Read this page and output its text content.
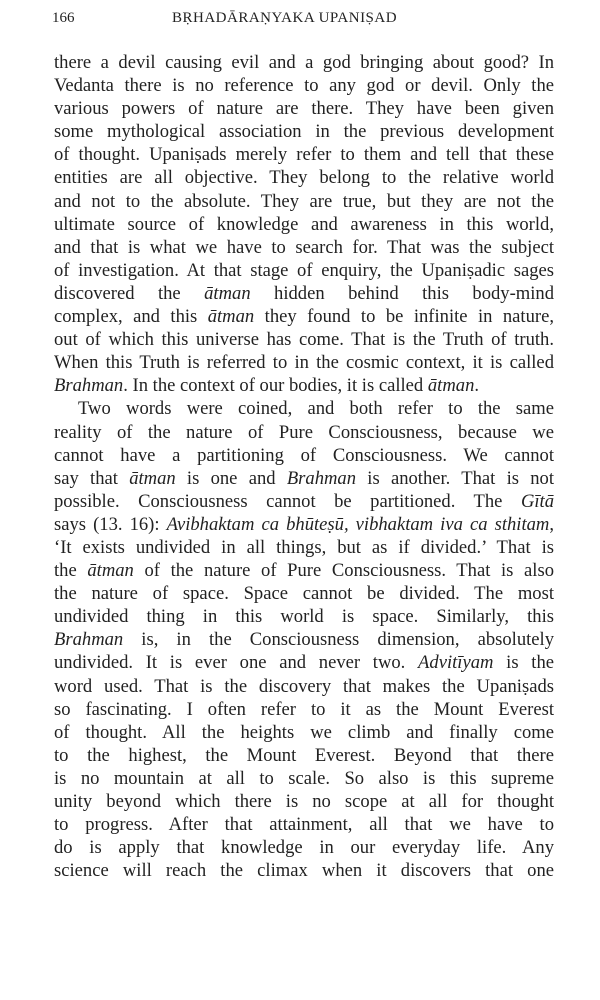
166	BṚHADĀRAṆYAKA UPANIṢAD
there a devil causing evil and a god bringing about good? In
Vedanta there is no reference to any god or devil. Only the
various powers of nature are there. They have been given
some mythological association in the previous development
of thought. Upaniṣads merely refer to them and tell that these
entities are all objective. They belong to the relative world
and not to the absolute. They are true, but they are not the
ultimate source of knowledge and awareness in this world,
and that is what we have to search for. That was the subject
of investigation. At that stage of enquiry, the Upaniṣadic sages
discovered the ātman hidden behind this body-mind
complex, and this ātman they found to be infinite in nature,
out of which this universe has come. That is the Truth of truth.
When this Truth is referred to in the cosmic context, it is called
Brahman. In the context of our bodies, it is called ātman.
Two words were coined, and both refer to the same
reality of the nature of Pure Consciousness, because we
cannot have a partitioning of Consciousness. We cannot
say that ātman is one and Brahman is another. That is not
possible. Consciousness cannot be partitioned. The Gītā
says (13. 16): Avibhaktam ca bhūteṣū, vibhaktam iva ca sthitam,
‘It exists undivided in all things, but as if divided.’ That is
the ātman of the nature of Pure Consciousness. That is also
the nature of space. Space cannot be divided. The most
undivided thing in this world is space. Similarly, this
Brahman is, in the Consciousness dimension, absolutely
undivided. It is ever one and never two. Advitīyam is the
word used. That is the discovery that makes the Upaniṣads
so fascinating. I often refer to it as the Mount Everest
of thought. All the heights we climb and finally come
to the highest, the Mount Everest. Beyond that there
is no mountain at all to scale. So also is this supreme
unity beyond which there is no scope at all for thought
to progress. After that attainment, all that we have to
do is apply that knowledge in our everyday life. Any
science will reach the climax when it discovers that one
